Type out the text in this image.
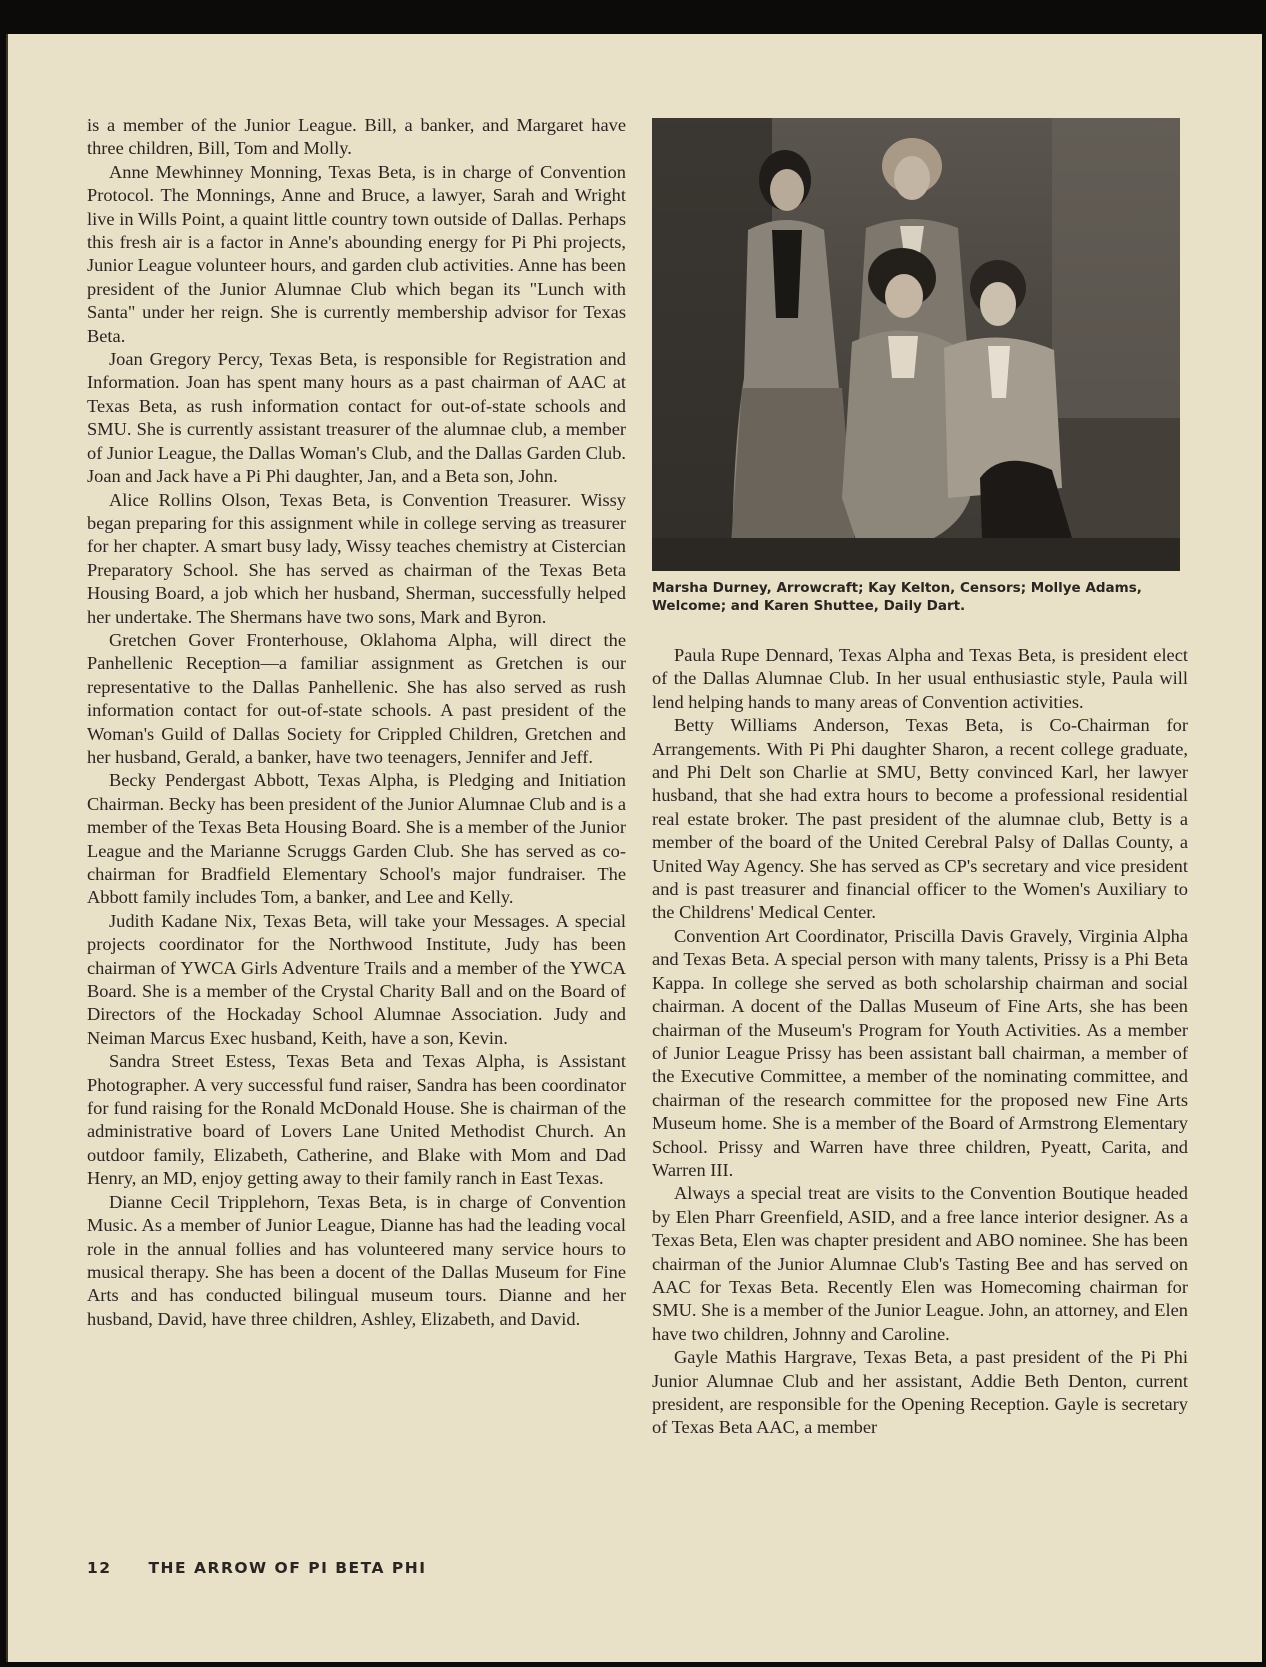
is a member of the Junior League. Bill, a banker, and Margaret have three children, Bill, Tom and Molly.

Anne Mewhinney Monning, Texas Beta, is in charge of Convention Protocol. The Monnings, Anne and Bruce, a lawyer, Sarah and Wright live in Wills Point, a quaint little country town outside of Dallas. Perhaps this fresh air is a factor in Anne's abounding energy for Pi Phi projects, Junior League volunteer hours, and garden club activities. Anne has been president of the Junior Alumnae Club which began its "Lunch with Santa" under her reign. She is currently membership advisor for Texas Beta.

Joan Gregory Percy, Texas Beta, is responsible for Registration and Information. Joan has spent many hours as a past chairman of AAC at Texas Beta, as rush information contact for out-of-state schools and SMU. She is currently assistant treasurer of the alumnae club, a member of Junior League, the Dallas Woman's Club, and the Dallas Garden Club. Joan and Jack have a Pi Phi daughter, Jan, and a Beta son, John.

Alice Rollins Olson, Texas Beta, is Convention Treasurer. Wissy began preparing for this assignment while in college serving as treasurer for her chapter. A smart busy lady, Wissy teaches chemistry at Cistercian Preparatory School. She has served as chairman of the Texas Beta Housing Board, a job which her husband, Sherman, successfully helped her undertake. The Shermans have two sons, Mark and Byron.

Gretchen Gover Fronterhouse, Oklahoma Alpha, will direct the Panhellenic Reception—a familiar assignment as Gretchen is our representative to the Dallas Panhellenic. She has also served as rush information contact for out-of-state schools. A past president of the Woman's Guild of Dallas Society for Crippled Children, Gretchen and her husband, Gerald, a banker, have two teenagers, Jennifer and Jeff.

Becky Pendergast Abbott, Texas Alpha, is Pledging and Initiation Chairman. Becky has been president of the Junior Alumnae Club and is a member of the Texas Beta Housing Board. She is a member of the Junior League and the Marianne Scruggs Garden Club. She has served as co-chairman for Bradfield Elementary School's major fundraiser. The Abbott family includes Tom, a banker, and Lee and Kelly.

Judith Kadane Nix, Texas Beta, will take your Messages. A special projects coordinator for the Northwood Institute, Judy has been chairman of YWCA Girls Adventure Trails and a member of the YWCA Board. She is a member of the Crystal Charity Ball and on the Board of Directors of the Hockaday School Alumnae Association. Judy and Neiman Marcus Exec husband, Keith, have a son, Kevin.

Sandra Street Estess, Texas Beta and Texas Alpha, is Assistant Photographer. A very successful fund raiser, Sandra has been coordinator for fund raising for the Ronald McDonald House. She is chairman of the administrative board of Lovers Lane United Methodist Church. An outdoor family, Elizabeth, Catherine, and Blake with Mom and Dad Henry, an MD, enjoy getting away to their family ranch in East Texas.

Dianne Cecil Tripplehorn, Texas Beta, is in charge of Convention Music. As a member of Junior League, Dianne has had the leading vocal role in the annual follies and has volunteered many service hours to musical therapy. She has been a docent of the Dallas Museum for Fine Arts and has conducted bilingual museum tours. Dianne and her husband, David, have three children, Ashley, Elizabeth, and David.

Marsha Durney, Arrowcraft; Kay Kelton, Censors; Mollye Adams, Welcome; and Karen Shuttee, Daily Dart.

Paula Rupe Dennard, Texas Alpha and Texas Beta, is president elect of the Dallas Alumnae Club. In her usual enthusiastic style, Paula will lend helping hands to many areas of Convention activities.

Betty Williams Anderson, Texas Beta, is Co-Chairman for Arrangements. With Pi Phi daughter Sharon, a recent college graduate, and Phi Delt son Charlie at SMU, Betty convinced Karl, her lawyer husband, that she had extra hours to become a professional residential real estate broker. The past president of the alumnae club, Betty is a member of the board of the United Cerebral Palsy of Dallas County, a United Way Agency. She has served as CP's secretary and vice president and is past treasurer and financial officer to the Women's Auxiliary to the Childrens' Medical Center.

Convention Art Coordinator, Priscilla Davis Gravely, Virginia Alpha and Texas Beta. A special person with many talents, Prissy is a Phi Beta Kappa. In college she served as both scholarship chairman and social chairman. A docent of the Dallas Museum of Fine Arts, she has been chairman of the Museum's Program for Youth Activities. As a member of Junior League Prissy has been assistant ball chairman, a member of the Executive Committee, a member of the nominating committee, and chairman of the research committee for the proposed new Fine Arts Museum home. She is a member of the Board of Armstrong Elementary School. Prissy and Warren have three children, Pyeatt, Carita, and Warren III.

Always a special treat are visits to the Convention Boutique headed by Elen Pharr Greenfield, ASID, and a free lance interior designer. As a Texas Beta, Elen was chapter president and ABO nominee. She has been chairman of the Junior Alumnae Club's Tasting Bee and has served on AAC for Texas Beta. Recently Elen was Homecoming chairman for SMU. She is a member of the Junior League. John, an attorney, and Elen have two children, Johnny and Caroline.

Gayle Mathis Hargrave, Texas Beta, a past president of the Pi Phi Junior Alumnae Club and her assistant, Addie Beth Denton, current president, are responsible for the Opening Reception. Gayle is secretary of Texas Beta AAC, a member

12 THE ARROW OF PI BETA PHI
